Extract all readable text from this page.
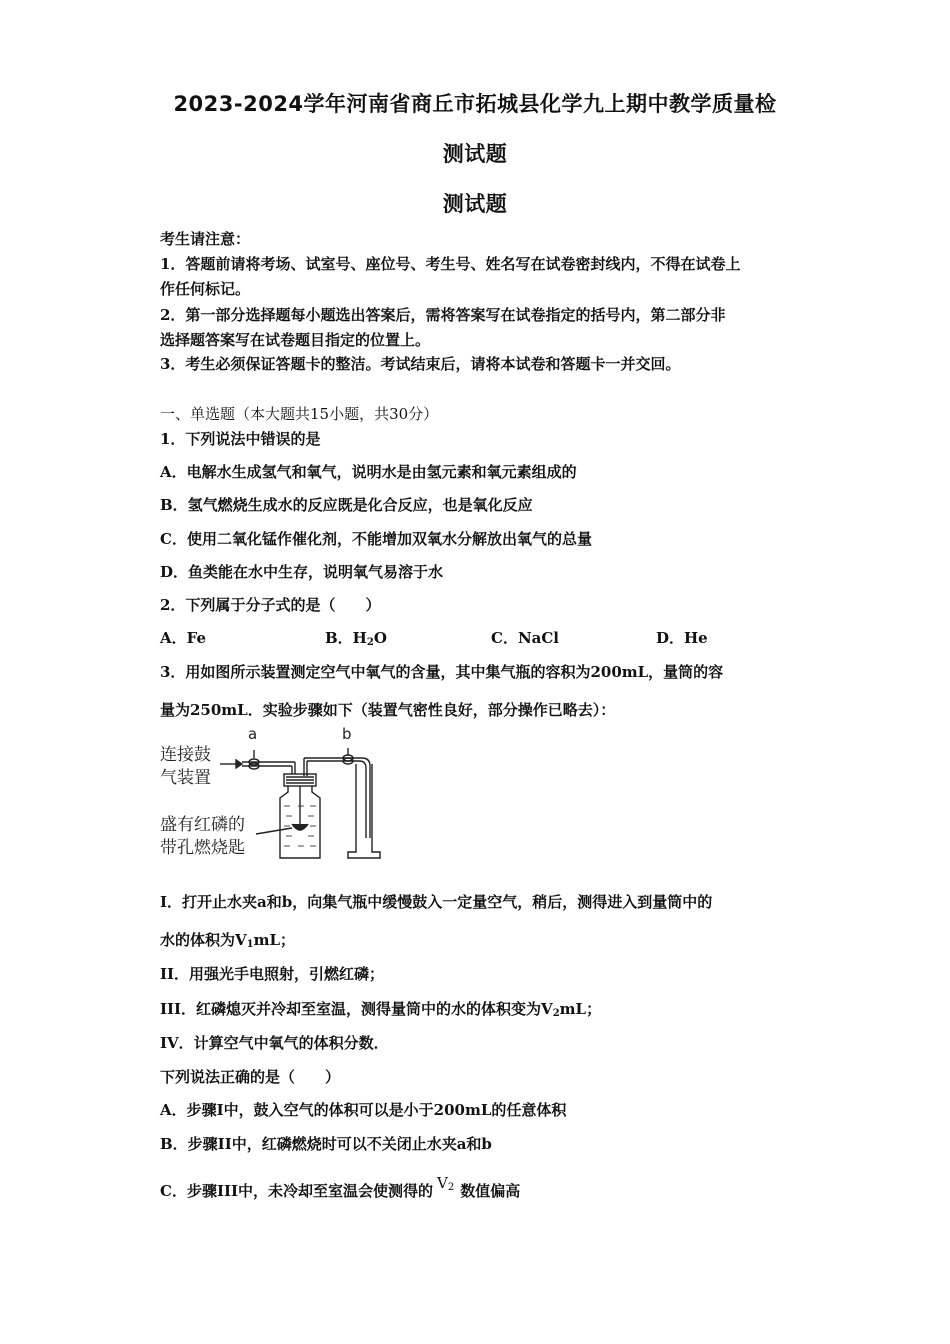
2023-2024学年河南省商丘市拓城县化学九上期中教学质量检
测试题
测试题
考生请注意：
1．答题前请将考场、试室号、座位号、考生号、姓名写在试卷密封线内，不得在试卷上
作任何标记。
2．第一部分选择题每小题选出答案后，需将答案写在试卷指定的括号内，第二部分非
选择题答案写在试卷题目指定的位置上。
3．考生必须保证答题卡的整洁。考试结束后，请将本试卷和答题卡一并交回。
一、单选题（本大题共15小题，共30分）
1．下列说法中错误的是
A．电解水生成氢气和氧气，说明水是由氢元素和氧元素组成的
B．氢气燃烧生成水的反应既是化合反应，也是氧化反应
C．使用二氧化锰作催化剂，不能增加双氧水分解放出氧气的总量
D．鱼类能在水中生存，说明氧气易溶于水
2．下列属于分子式的是（　　）
A．Fe	B．$H_2O$	C．NaCl	D．He
3．用如图所示装置测定空气中氧气的含量，其中集气瓶的容积为200mL，量筒的容
量为250mL．实验步骤如下（装置气密性良好，部分操作已略去）：
连接鼓
气装置
盛有红磷的
带孔燃烧匙
a	b
I．打开止水夹a和b，向集气瓶中缓慢鼓入一定量空气，稍后，测得进入到量筒中的
水的体积为$V_1mL$；
II．用强光手电照射，引燃红磷；
III．红磷熄灭并冷却至室温，测得量筒中的水的体积变为$V_2mL$；
IV．计算空气中氧气的体积分数．
下列说法正确的是（　　）
A．步骤I中，鼓入空气的体积可以是小于200mL的任意体积
B．步骤II中，红磷燃烧时可以不关闭止水夹a和b
C．步骤III中，未冷却至室温会使测得的 $V_2$ 数值偏高
